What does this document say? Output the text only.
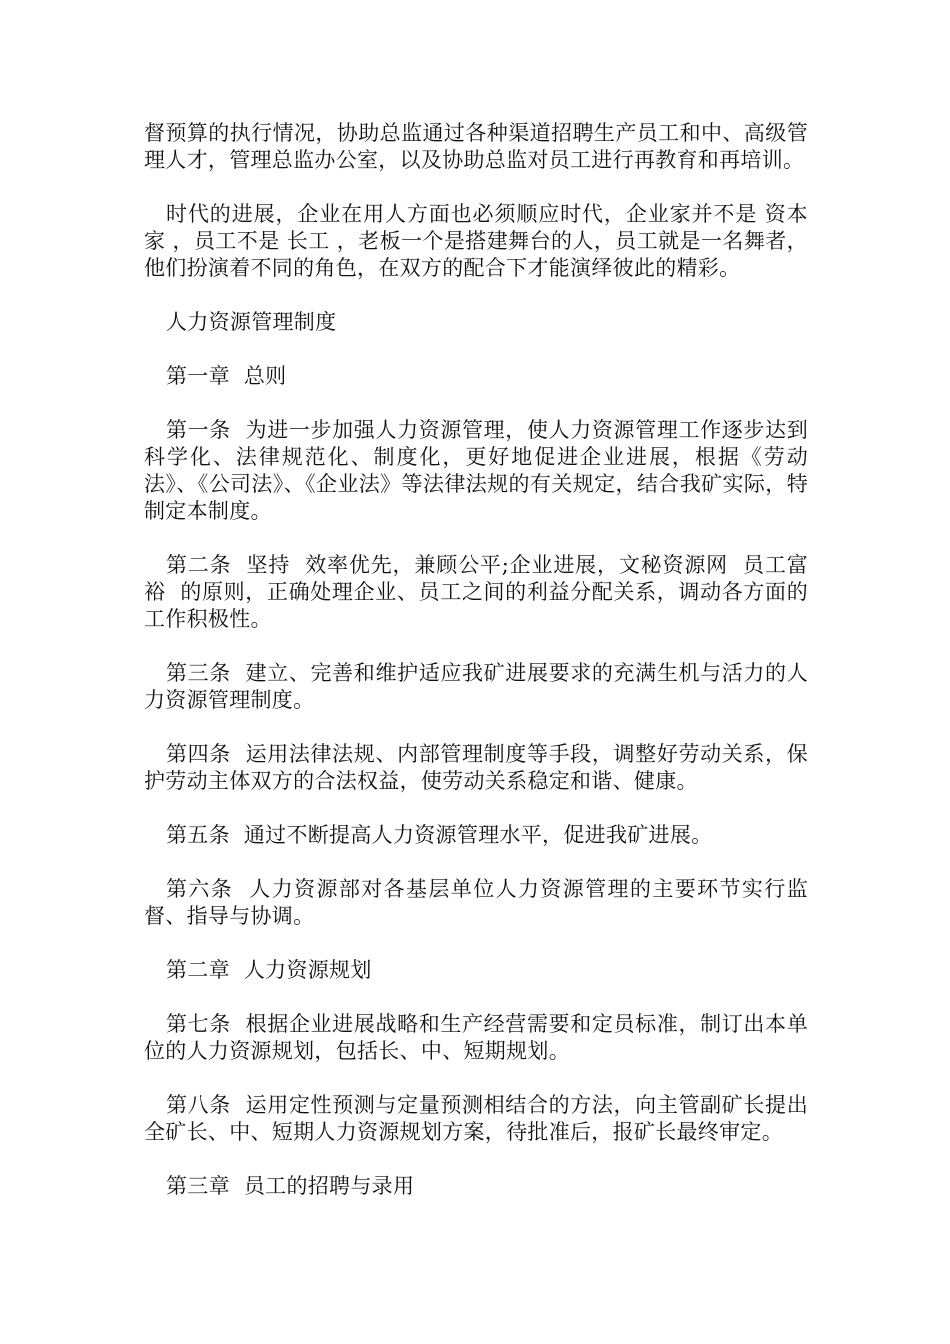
督预算的执行情况，协助总监通过各种渠道招聘生产员工和中、高级管理人才，管理总监办公室，以及协助总监对员工进行再教育和再培训。

时代的进展，企业在用人方面也必须顺应时代，企业家并不是 资本家 ，员工不是 长工 ，老板一个是搭建舞台的人，员工就是一名舞者，他们扮演着不同的角色，在双方的配合下才能演绎彼此的精彩。

人力资源管理制度

第一章  总则

第一条  为进一步加强人力资源管理，使人力资源管理工作逐步达到科学化、法律规范化、制度化，更好地促进企业进展，根据《劳动法》、《公司法》、《企业法》等法律法规的有关规定，结合我矿实际，特制定本制度。

第二条  坚持  效率优先，兼顾公平;企业进展，文秘资源网  员工富裕  的原则，正确处理企业、员工之间的利益分配关系，调动各方面的工作积极性。

第三条  建立、完善和维护适应我矿进展要求的充满生机与活力的人力资源管理制度。

第四条  运用法律法规、内部管理制度等手段，调整好劳动关系，保护劳动主体双方的合法权益，使劳动关系稳定和谐、健康。

第五条  通过不断提高人力资源管理水平，促进我矿进展。

第六条  人力资源部对各基层单位人力资源管理的主要环节实行监督、指导与协调。

第二章  人力资源规划

第七条  根据企业进展战略和生产经营需要和定员标准，制订出本单位的人力资源规划，包括长、中、短期规划。

第八条  运用定性预测与定量预测相结合的方法，向主管副矿长提出全矿长、中、短期人力资源规划方案，待批准后，报矿长最终审定。

第三章  员工的招聘与录用
